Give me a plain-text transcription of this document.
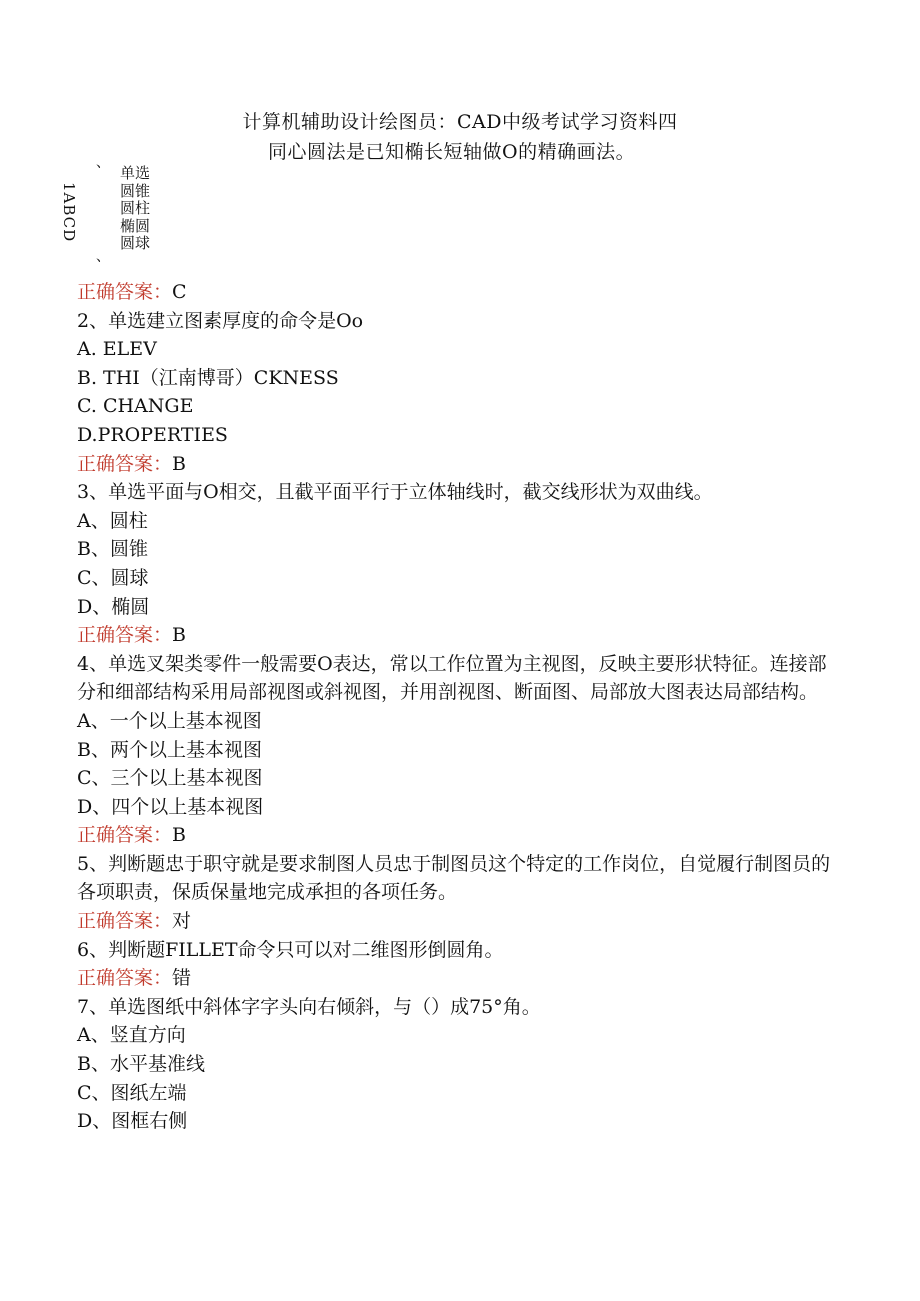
计算机辅助设计绘图员：CAD中级考试学习资料四
同心圆法是已知椭长短轴做O的精确画法。
、
、
1ABCD
单选
圆锥
圆柱
椭圆
圆球
正确答案：C
2、单选建立图素厚度的命令是Oo
A. ELEV
B. THI（江南博哥）CKNESS
C. CHANGE
D.PROPERTIES
正确答案：B
3、单选平面与O相交，且截平面平行于立体轴线时，截交线形状为双曲线。
A、圆柱
B、圆锥
C、圆球
D、椭圆
正确答案：B
4、单选叉架类零件一般需要O表达，常以工作位置为主视图，反映主要形状特征。连接部分和细部结构采用局部视图或斜视图，并用剖视图、断面图、局部放大图表达局部结构。
A、一个以上基本视图
B、两个以上基本视图
C、三个以上基本视图
D、四个以上基本视图
正确答案：B
5、判断题忠于职守就是要求制图人员忠于制图员这个特定的工作岗位，自觉履行制图员的各项职责，保质保量地完成承担的各项任务。
正确答案：对
6、判断题FILLET命令只可以对二维图形倒圆角。
正确答案：错
7、单选图纸中斜体字字头向右倾斜，与（）成75°角。
A、竖直方向
B、水平基准线
C、图纸左端
D、图框右侧
